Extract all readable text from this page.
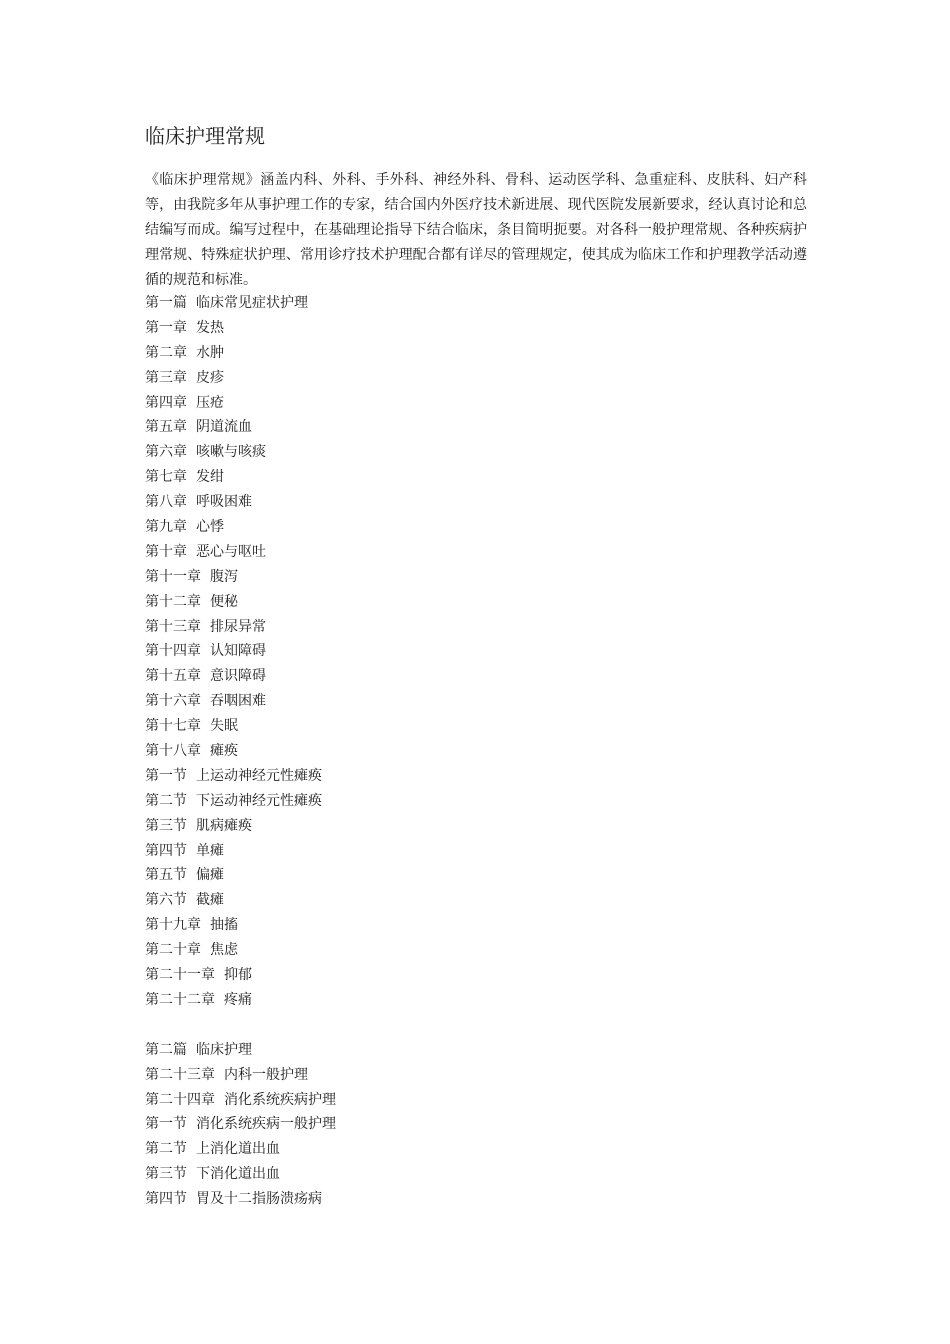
临床护理常规

《临床护理常规》涵盖内科、外科、手外科、神经外科、骨科、运动医学科、急重症科、皮肤科、妇产科等，由我院多年从事护理工作的专家，结合国内外医疗技术新进展、现代医院发展新要求，经认真讨论和总结编写而成。编写过程中，在基础理论指导下结合临床，条目简明扼要。对各科一般护理常规、各种疾病护理常规、特殊症状护理、常用诊疗技术护理配合都有详尽的管理规定，使其成为临床工作和护理教学活动遵循的规范和标准。

第一篇 临床常见症状护理
第一章 发热
第二章 水肿
第三章 皮疹
第四章 压疮
第五章 阴道流血
第六章 咳嗽与咳痰
第七章 发绀
第八章 呼吸困难
第九章 心悸
第十章 恶心与呕吐
第十一章 腹泻
第十二章 便秘
第十三章 排尿异常
第十四章 认知障碍
第十五章 意识障碍
第十六章 吞咽困难
第十七章 失眠
第十八章 瘫痪
第一节 上运动神经元性瘫痪
第二节 下运动神经元性瘫痪
第三节 肌病瘫痪
第四节 单瘫
第五节 偏瘫
第六节 截瘫
第十九章 抽搐
第二十章 焦虑
第二十一章 抑郁
第二十二章 疼痛
第二篇 临床护理
第二十三章 内科一般护理
第二十四章 消化系统疾病护理
第一节 消化系统疾病一般护理
第二节 上消化道出血
第三节 下消化道出血
第四节 胃及十二指肠溃疡病
